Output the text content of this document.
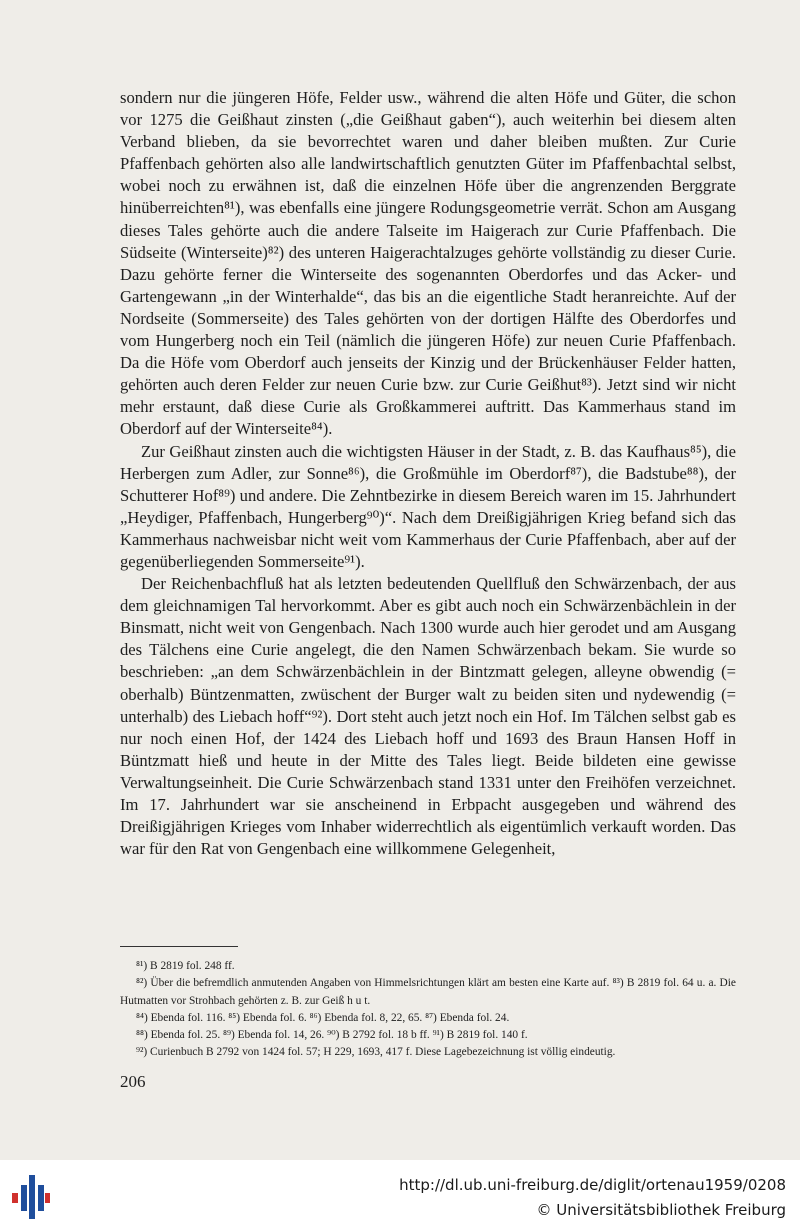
sondern nur die jüngeren Höfe, Felder usw., während die alten Höfe und Güter, die schon vor 1275 die Geißhaut zinsten („die Geißhaut gaben“), auch weiterhin bei diesem alten Verband blieben, da sie bevorrechtet waren und daher bleiben mußten. Zur Curie Pfaffenbach gehörten also alle landwirtschaftlich genutzten Güter im Pfaffenbachtal selbst, wobei noch zu erwähnen ist, daß die einzelnen Höfe über die angrenzenden Berggrate hinüberreichten⁸¹), was ebenfalls eine jüngere Rodungsgeometrie verrät. Schon am Ausgang dieses Tales gehörte auch die andere Talseite im Haigerach zur Curie Pfaffenbach. Die Südseite (Winterseite)⁸²) des unteren Haigerachtalzuges gehörte vollständig zu dieser Curie. Dazu gehörte ferner die Winterseite des sogenannten Oberdorfes und das Acker- und Gartengewann „in der Winterhalde“, das bis an die eigentliche Stadt heranreichte. Auf der Nordseite (Sommerseite) des Tales gehörten von der dortigen Hälfte des Oberdorfes und vom Hungerberg noch ein Teil (nämlich die jüngeren Höfe) zur neuen Curie Pfaffenbach. Da die Höfe vom Oberdorf auch jenseits der Kinzig und der Brückenhäuser Felder hatten, gehörten auch deren Felder zur neuen Curie bzw. zur Curie Geißhut⁸³). Jetzt sind wir nicht mehr erstaunt, daß diese Curie als Großkammerei auftritt. Das Kammerhaus stand im Oberdorf auf der Winterseite⁸⁴).

Zur Geißhaut zinsten auch die wichtigsten Häuser in der Stadt, z. B. das Kaufhaus⁸⁵), die Herbergen zum Adler, zur Sonne⁸⁶), die Großmühle im Oberdorf⁸⁷), die Badstube⁸⁸), der Schutterer Hof⁸⁹) und andere. Die Zehntbezirke in diesem Bereich waren im 15. Jahrhundert „Heydiger, Pfaffenbach, Hungerberg⁹⁰)“. Nach dem Dreißigjährigen Krieg befand sich das Kammerhaus nachweisbar nicht weit vom Kammerhaus der Curie Pfaffenbach, aber auf der gegenüberliegenden Sommerseite⁹¹).

Der Reichenbachfluß hat als letzten bedeutenden Quellfluß den Schwärzenbach, der aus dem gleichnamigen Tal hervorkommt. Aber es gibt auch noch ein Schwärzenbächlein in der Binsmatt, nicht weit von Gengenbach. Nach 1300 wurde auch hier gerodet und am Ausgang des Tälchens eine Curie angelegt, die den Namen Schwärzenbach bekam. Sie wurde so beschrieben: „an dem Schwärzenbächlein in der Bintzmatt gelegen, alleyne obwendig (= oberhalb) Büntzenmatten, zwüschent der Burger walt zu beiden siten und nydewendig (= unterhalb) des Liebach hoff“⁹²). Dort steht auch jetzt noch ein Hof. Im Tälchen selbst gab es nur noch einen Hof, der 1424 des Liebach hoff und 1693 des Braun Hansen Hoff in Büntzmatt hieß und heute in der Mitte des Tales liegt. Beide bildeten eine gewisse Verwaltungseinheit. Die Curie Schwärzenbach stand 1331 unter den Freihöfen verzeichnet. Im 17. Jahrhundert war sie anscheinend in Erbpacht ausgegeben und während des Dreißigjährigen Krieges vom Inhaber widerrechtlich als eigentümlich verkauft worden. Das war für den Rat von Gengenbach eine willkommene Gelegenheit,

⁸¹) B 2819 fol. 248 ff.

⁸²) Über die befremdlich anmutenden Angaben von Himmelsrichtungen klärt am besten eine Karte auf. ⁸³) B 2819 fol. 64 u. a. Die Hutmatten vor Strohbach gehörten z. B. zur Geiß h u t.

⁸⁴) Ebenda fol. 116. ⁸⁵) Ebenda fol. 6. ⁸⁶) Ebenda fol. 8, 22, 65. ⁸⁷) Ebenda fol. 24.

⁸⁸) Ebenda fol. 25. ⁸⁹) Ebenda fol. 14, 26. ⁹⁰) B 2792 fol. 18 b ff. ⁹¹) B 2819 fol. 140 f.

⁹²) Curienbuch B 2792 von 1424 fol. 57; H 229, 1693, 417 f. Diese Lagebezeichnung ist völlig eindeutig.

206
http://dl.ub.uni-freiburg.de/diglit/ortenau1959/0208
© Universitätsbibliothek Freiburg
